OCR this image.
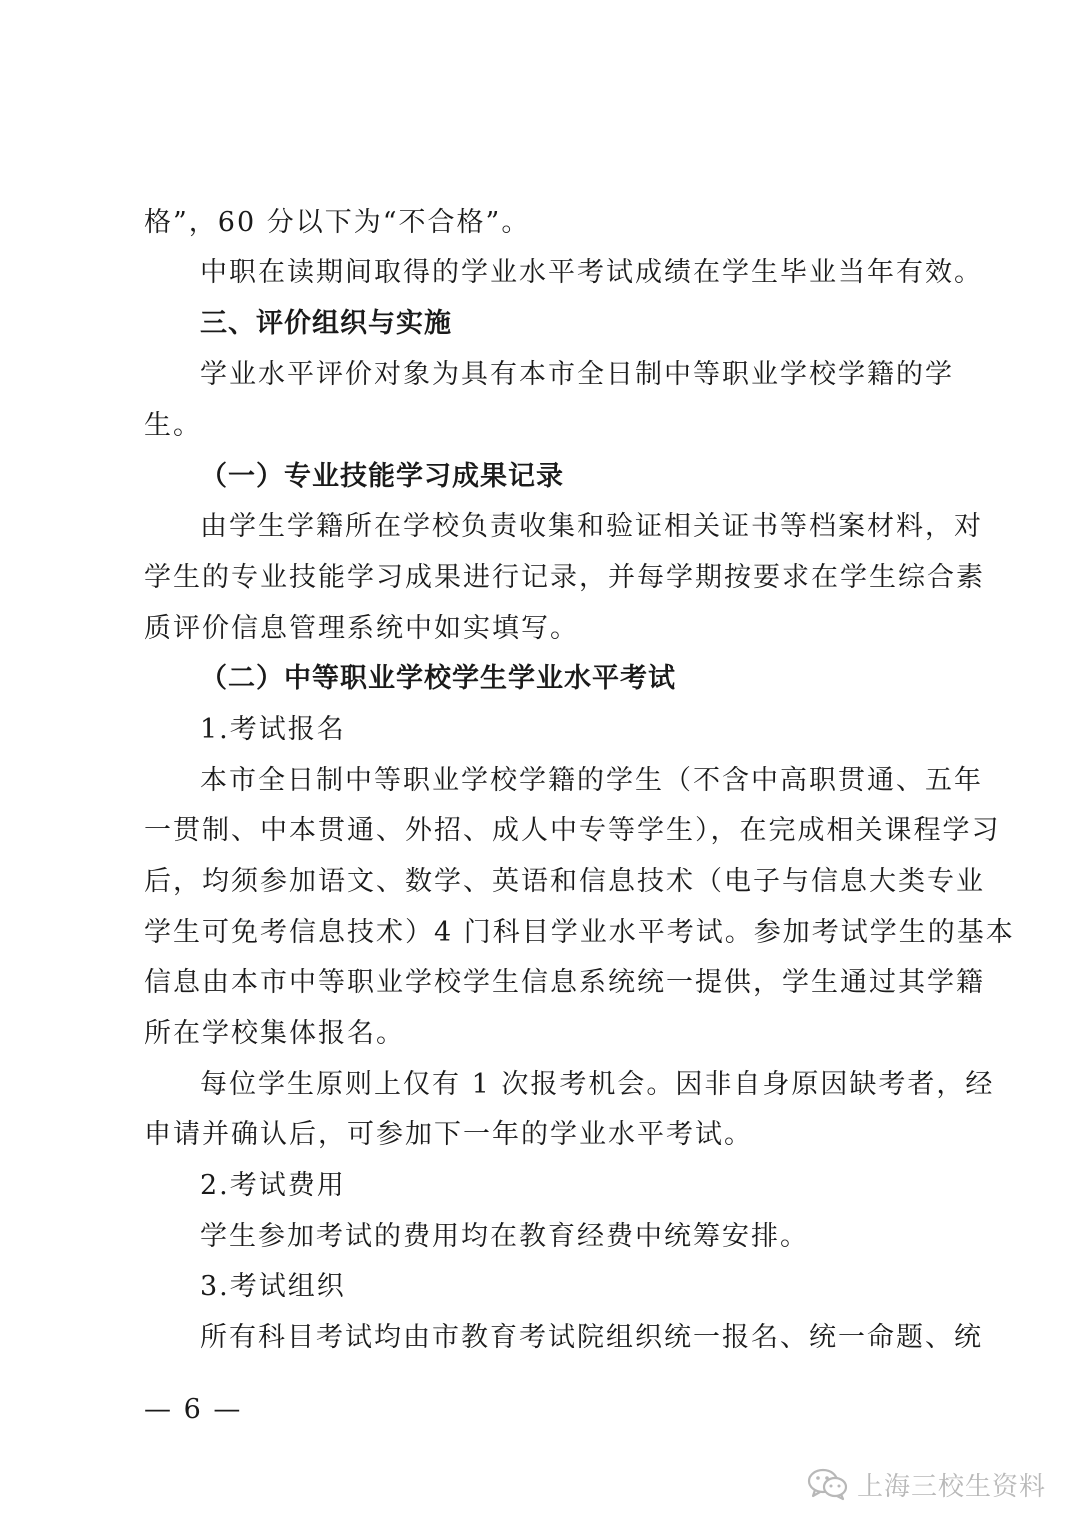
格”，60 分以下为“不合格”。

中职在读期间取得的学业水平考试成绩在学生毕业当年有效。

三、评价组织与实施

学业水平评价对象为具有本市全日制中等职业学校学籍的学

生。

（一）专业技能学习成果记录

由学生学籍所在学校负责收集和验证相关证书等档案材料，对

学生的专业技能学习成果进行记录，并每学期按要求在学生综合素

质评价信息管理系统中如实填写。

（二）中等职业学校学生学业水平考试

1.考试报名

本市全日制中等职业学校学籍的学生（不含中高职贯通、五年

一贯制、中本贯通、外招、成人中专等学生），在完成相关课程学习

后，均须参加语文、数学、英语和信息技术（电子与信息大类专业

学生可免考信息技术）4 门科目学业水平考试。参加考试学生的基本

信息由本市中等职业学校学生信息系统统一提供，学生通过其学籍

所在学校集体报名。

每位学生原则上仅有 1 次报考机会。因非自身原因缺考者，经

申请并确认后，可参加下一年的学业水平考试。

2.考试费用

学生参加考试的费用均在教育经费中统筹安排。

3.考试组织

所有科目考试均由市教育考试院组织统一报名、统一命题、统

— 6 —
上海三校生资料
